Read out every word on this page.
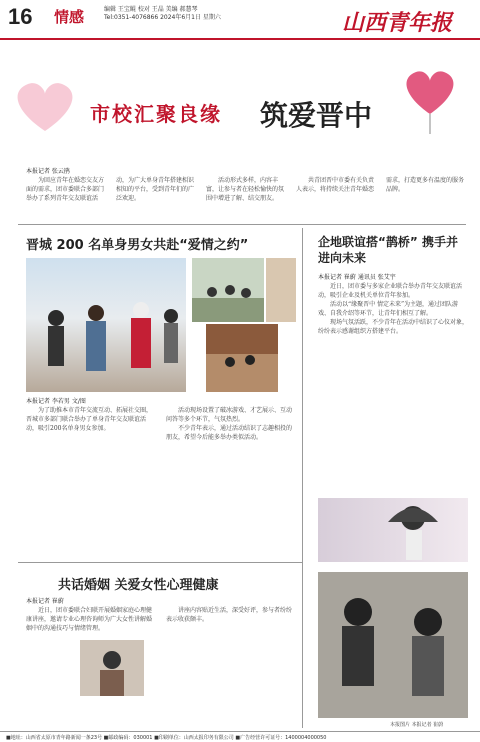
16 情感	编辑 王宝鲲 校对 王晶 美编 郝慧琴
Tel:0351-4076866 2024年6月1日 星期六	山西青年报
市校汇聚良缘 筑爱晋中
本报记者 张云鹃

为回应青年在婚恋交友方面的需求，团市委联合多部门举办了系列青年交友联谊活动，为广大单身青年搭建相识相知的平台，受到青年们的广泛欢迎。

活动形式多样，内容丰富，让参与者在轻松愉快的氛围中增进了解、结交朋友。

共青团晋中市委有关负责人表示，将持续关注青年婚恋需求，打造更多有温度的服务品牌。

晋城 200 名单身男女共赴“爱情之约”
本报记者 李若男 文/图

为了助推本市青年交流互动、拓展社交圈，晋城市多部门联合举办了单身青年交友联谊活动，吸引200名单身男女参加。

活动现场设置了破冰游戏、才艺展示、互动问答等多个环节，气氛热烈。

不少青年表示，通过活动结识了志趣相投的朋友，希望今后能多举办类似活动。

企地联谊搭“鹊桥” 携手并进向未来
本报记者 崔蔚 通讯员 张艾宇

近日，团市委与多家企业联合举办青年交友联谊活动，吸引企业及机关单位青年参加。

活动以“缘聚晋中 情定未来”为主题，通过团队游戏、自我介绍等环节，让青年们相互了解。

现场气氛活跃，不少青年在活动中结识了心仪对象，纷纷表示感谢组织方搭建平台。

本报图片 本报记者 崔蔚
共话婚姻 关爱女性心理健康
本报记者 崔蔚

近日，团市委联合妇联开展婚姻家庭心理健康讲座，邀请专业心理咨询师为广大女性讲解婚姻中的沟通技巧与情绪管理。

讲座内容贴近生活，深受好评，参与者纷纷表示收获颇丰。

■地址：山西省太原市青年路新闻一条23号 ■邮政编码：030001 ■印刷单位：山西太报印务有限公司 ■广告经营许可证号：1400004000050
